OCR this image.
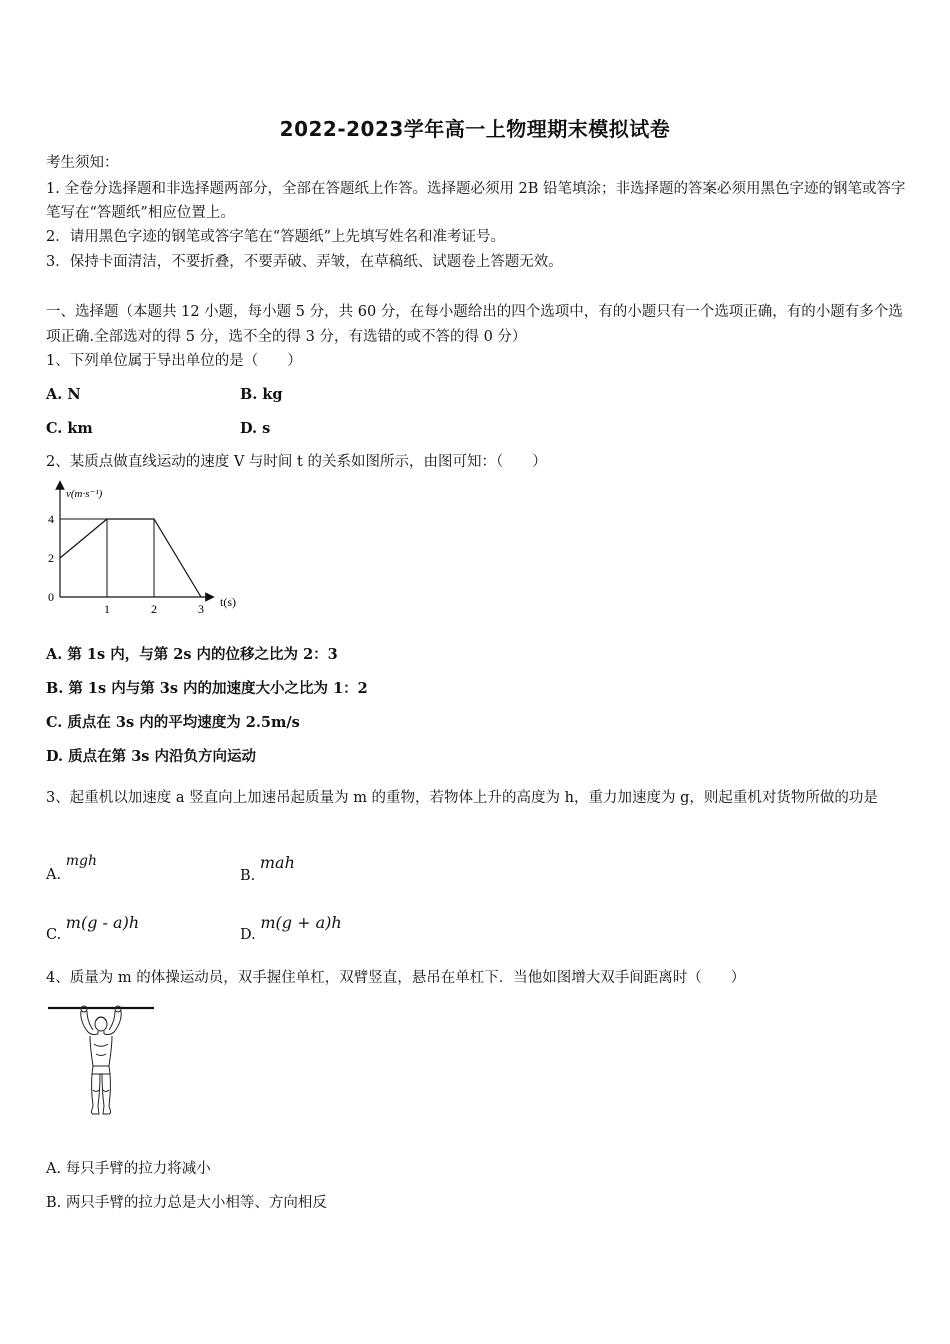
2022-2023学年高一上物理期末模拟试卷
考生须知：
1. 全卷分选择题和非选择题两部分，全部在答题纸上作答。选择题必须用 2B 铅笔填涂；非选择题的答案必须用黑色字迹的钢笔或答字笔写在“答题纸”相应位置上。
2．请用黑色字迹的钢笔或答字笔在“答题纸”上先填写姓名和准考证号。
3．保持卡面清洁，不要折叠，不要弄破、弄皱，在草稿纸、试题卷上答题无效。
一、选择题（本题共 12 小题，每小题 5 分，共 60 分，在每小题给出的四个选项中，有的小题只有一个选项正确，有的小题有多个选项正确.全部选对的得 5 分，选不全的得 3 分，有选错的或不答的得 0 分）
1、下列单位属于导出单位的是（　　）
A. N	B. kg
C. km	D. s
2、某质点做直线运动的速度 V 与时间 t 的关系如图所示，由图可知：（　　）
1	2	3
0
2
4
v(m·s⁻¹)
t(s)
A. 第 1s 内，与第 2s 内的位移之比为 2：3
B. 第 1s 内与第 3s 内的加速度大小之比为 1：2
C. 质点在 3s 内的平均速度为 2.5m/s
D. 质点在第 3s 内沿负方向运动
3、起重机以加速度 a 竖直向上加速吊起质量为 m 的重物，若物体上升的高度为 h，重力加速度为 g，则起重机对货物所做的功是
A. mgh
B. mah
C. m(g - a)h
D. m(g + a)h
4、质量为 m 的体操运动员，双手握住单杠，双臂竖直，悬吊在单杠下．当他如图增大双手间距离时（　　）
A. 每只手臂的拉力将减小
B. 两只手臂的拉力总是大小相等、方向相反
